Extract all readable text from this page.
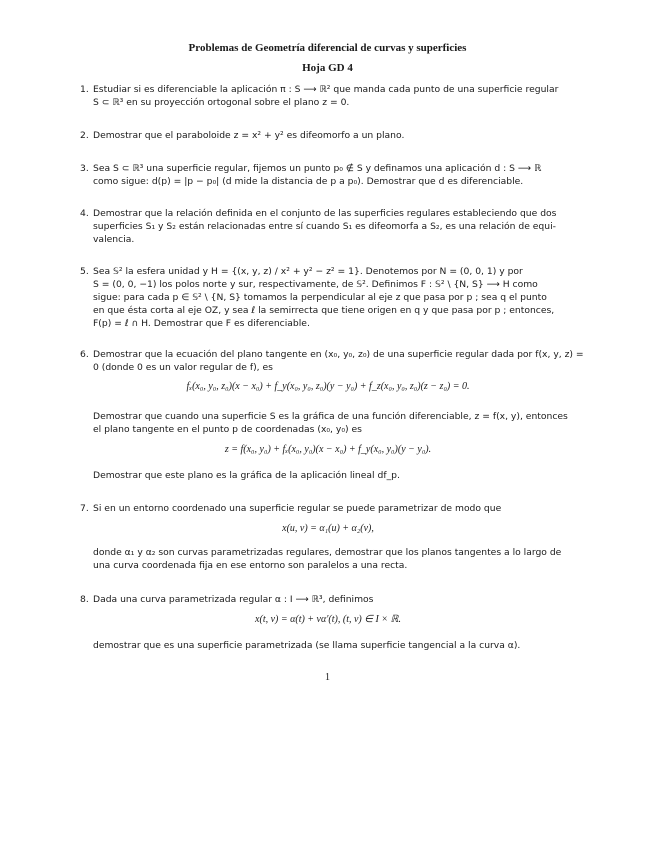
Problemas de Geometría diferencial de curvas y superficies
Hoja GD 4
1. Estudiar si es diferenciable la aplicación π : S ⟶ ℝ² que manda cada punto de una superficie regular
S ⊂ ℝ³ en su proyección ortogonal sobre el plano z = 0.
2. Demostrar que el paraboloide z = x² + y² es difeomorfo a un plano.
3. Sea S ⊂ ℝ³ una superficie regular, fijemos un punto p₀ ∉ S y definamos una aplicación d : S ⟶ ℝ
como sigue: d(p) = |p − p₀| (d mide la distancia de p a p₀). Demostrar que d es diferenciable.
4. Demostrar que la relación definida en el conjunto de las superficies regulares estableciendo que dos
superficies S₁ y S₂ están relacionadas entre sí cuando S₁ es difeomorfa a S₂, es una relación de equi-
valencia.
5. Sea 𝕊² la esfera unidad y H = {(x, y, z) / x² + y² − z² = 1}. Denotemos por N = (0, 0, 1) y por
S = (0, 0, −1) los polos norte y sur, respectivamente, de 𝕊². Definimos F : 𝕊² \ {N, S} ⟶ H como
sigue: para cada p ∈ 𝕊² \ {N, S} tomamos la perpendicular al eje z que pasa por p ; sea q el punto
en que ésta corta al eje OZ, y sea ℓ la semirrecta que tiene origen en q y que pasa por p ; entonces,
F(p) = ℓ ∩ H. Demostrar que F es diferenciable.
6. Demostrar que la ecuación del plano tangente en (x₀, y₀, z₀) de una superficie regular dada por f(x, y, z) =
0 (donde 0 es un valor regular de f), es
fₓ(x₀, y₀, z₀)(x − x₀) + f_y(x₀, y₀, z₀)(y − y₀) + f_z(x₀, y₀, z₀)(z − z₀) = 0.
Demostrar que cuando una superficie S es la gráfica de una función diferenciable, z = f(x, y), entonces
el plano tangente en el punto p de coordenadas (x₀, y₀) es
z = f(x₀, y₀) + fₓ(x₀, y₀)(x − x₀) + f_y(x₀, y₀)(y − y₀).
Demostrar que este plano es la gráfica de la aplicación lineal df_p.
7. Si en un entorno coordenado una superficie regular se puede parametrizar de modo que
x(u, v) = α₁(u) + α₂(v),
donde α₁ y α₂ son curvas parametrizadas regulares, demostrar que los planos tangentes a lo largo de
una curva coordenada fija en ese entorno son paralelos a una recta.
8. Dada una curva parametrizada regular α : I ⟶ ℝ³, definimos
x(t, v) = α(t) + vα′(t), (t, v) ∈ I × ℝ.
demostrar que es una superficie parametrizada (se llama superficie tangencial a la curva α).
1
